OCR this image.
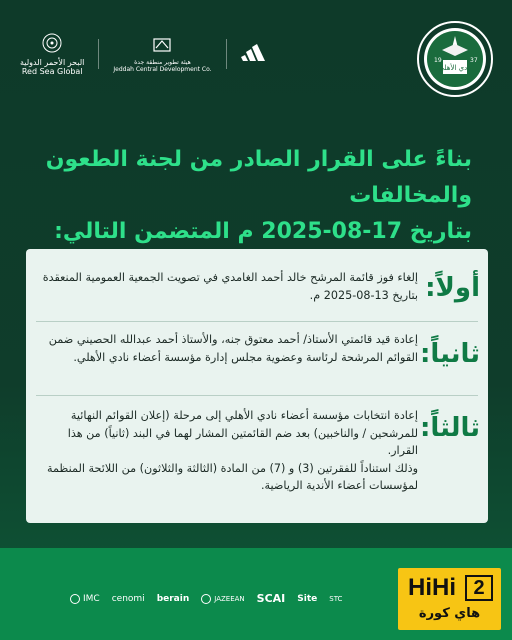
البحر الأحمر الدولية
Red Sea Global
هيئة تطوير منطقة جدة
Jeddah Central Development Co.	نادي الأهلي
19	37
بناءً على القرار الصادر من لجنة الطعون والمخالفات
بتاريخ 17-08-2025 م المتضمن التالي:
أولاً:
إلغاء فوز قائمة المرشح خالد أحمد الغامدي في تصويت الجمعية العمومية المنعقدة بتاريخ 13-08-2025 م.
ثانياً:
إعادة قيد قائمتي الأستاذ/ أحمد معتوق جنه، والأستاذ أحمد عبدالله الحصيني ضمن القوائم المرشحة لرئاسة وعضوية مجلس إدارة مؤسسة أعضاء نادي الأهلي.
ثالثاً:
إعادة انتخابات مؤسسة أعضاء نادي الأهلي إلى مرحلة (إعلان القوائم النهائية للمرشحين / والناخبين) بعد ضم القائمتين المشار لهما في البند (ثانياً) من هذا القرار.
وذلك استناداً للفقرتين (3) و (7) من المادة (الثالثة والثلاثون) من اللائحة المنظمة لمؤسسات أعضاء الأندية الرياضية.
IMC cenomi berain	JAZEEAN SCAI Site STC	HiHi 2
هاي كورة
